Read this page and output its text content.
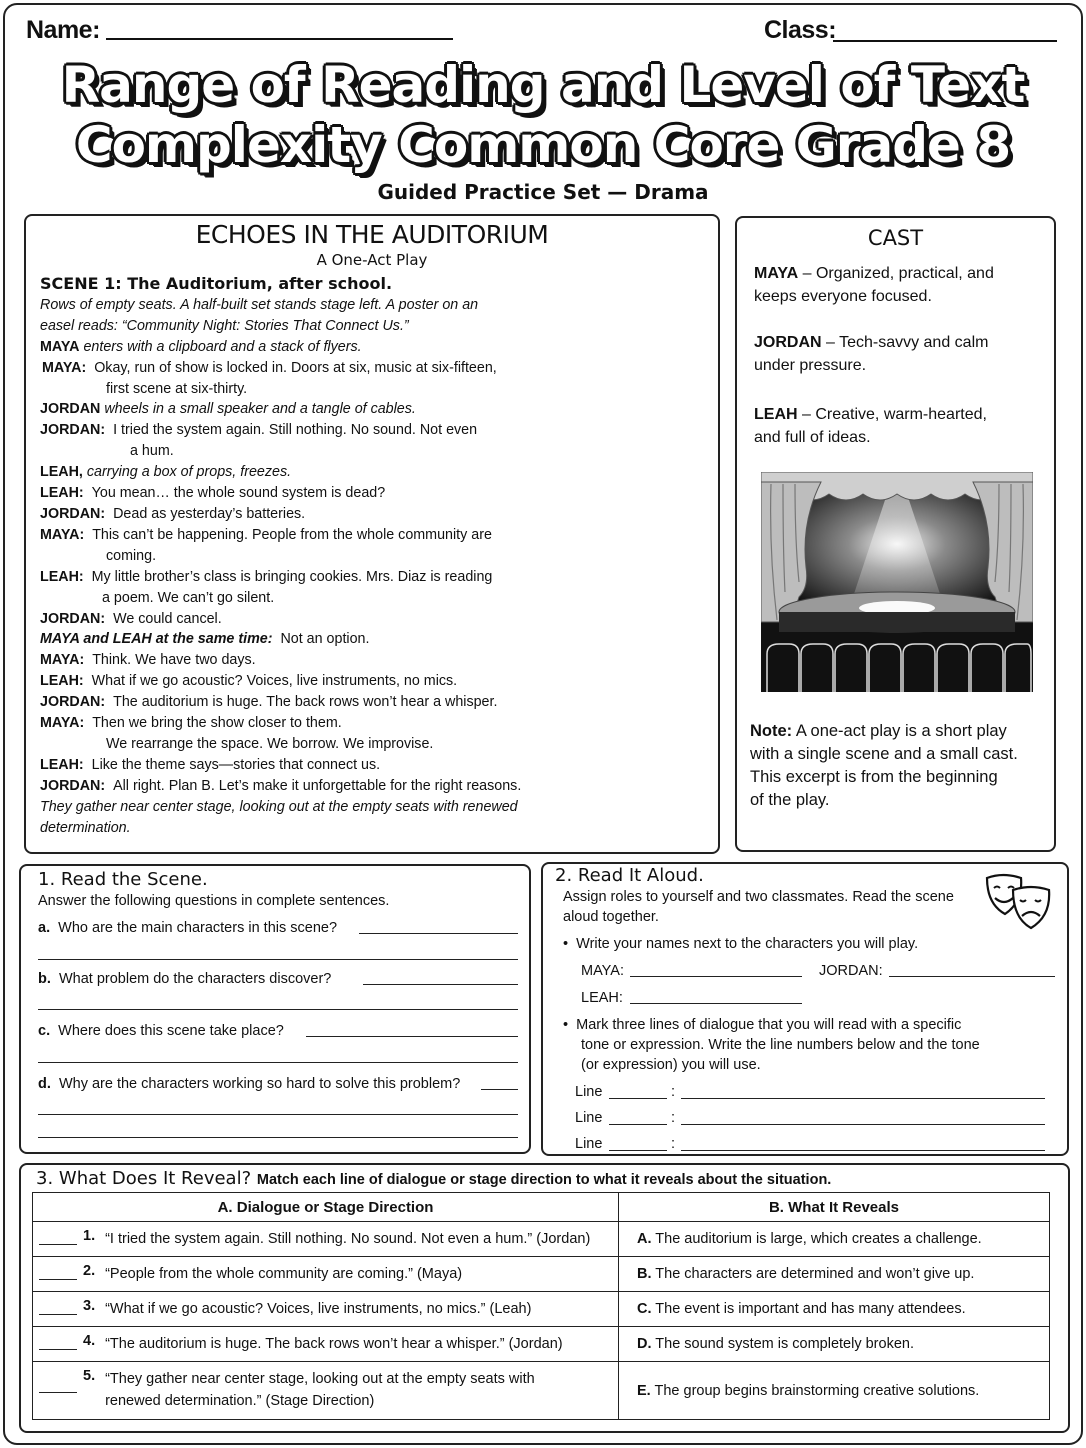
Name:	Class:
Range of Reading and Level of Text
Complexity Common Core Grade 8
Guided Practice Set — Drama
ECHOES IN THE AUDITORIUM
A One-Act Play
SCENE 1: The Auditorium, after school.
Rows of empty seats. A half-built set stands stage left. A poster on an
easel reads: “Community Night: Stories That Connect Us.”
MAYA enters with a clipboard and a stack of flyers.
MAYA: Okay, run of show is locked in. Doors at six, music at six-fifteen,
first scene at six-thirty.
JORDAN wheels in a small speaker and a tangle of cables.
JORDAN: I tried the system again. Still nothing. No sound. Not even
a hum.
LEAH, carrying a box of props, freezes.
LEAH: You mean… the whole sound system is dead?
JORDAN: Dead as yesterday’s batteries.
MAYA: This can’t be happening. People from the whole community are
coming.
LEAH: My little brother’s class is bringing cookies. Mrs. Diaz is reading
a poem. We can’t go silent.
JORDAN: We could cancel.
MAYA and LEAH at the same time: Not an option.
MAYA: Think. We have two days.
LEAH: What if we go acoustic? Voices, live instruments, no mics.
JORDAN: The auditorium is huge. The back rows won’t hear a whisper.
MAYA: Then we bring the show closer to them.
We rearrange the space. We borrow. We improvise.
LEAH: Like the theme says—stories that connect us.
JORDAN: All right. Plan B. Let’s make it unforgettable for the right reasons.
They gather near center stage, looking out at the empty seats with renewed
determination.
CAST
MAYA – Organized, practical, and
keeps everyone focused.
JORDAN – Tech-savvy and calm
under pressure.
LEAH – Creative, warm-hearted,
and full of ideas.
Note: A one-act play is a short play
with a single scene and a small cast.
This excerpt is from the beginning
of the play.
1. Read the Scene.
Answer the following questions in complete sentences.
a. Who are the main characters in this scene?
b. What problem do the characters discover?
c. Where does this scene take place?
d. Why are the characters working so hard to solve this problem?
2. Read It Aloud.
Assign roles to yourself and two classmates. Read the scene
aloud together.
•  Write your names next to the characters you will play.
MAYA:	JORDAN:
LEAH:
•  Mark three lines of dialogue that you will read with a specific
tone or expression. Write the line numbers below and the tone
(or expression) you will use.
Line	:
Line	:
Line	:
3. What Does It Reveal? Match each line of dialogue or stage direction to what it reveals about the situation.
A. Dialogue or Stage Direction	B. What It Reveals

1. “I tried the system again. Still nothing. No sound. Not even a hum.” (Jordan)	A. The auditorium is large, which creates a challenge.

2. “People from the whole community are coming.” (Maya)	B. The characters are determined and won’t give up.

3. “What if we go acoustic? Voices, live instruments, no mics.” (Leah)	C. The event is important and has many attendees.

4. “The auditorium is huge. The back rows won’t hear a whisper.” (Jordan)	D. The sound system is completely broken.

5. “They gather near center stage, looking out at the empty seats with
renewed determination.” (Stage Direction)	E. The group begins brainstorming creative solutions.
